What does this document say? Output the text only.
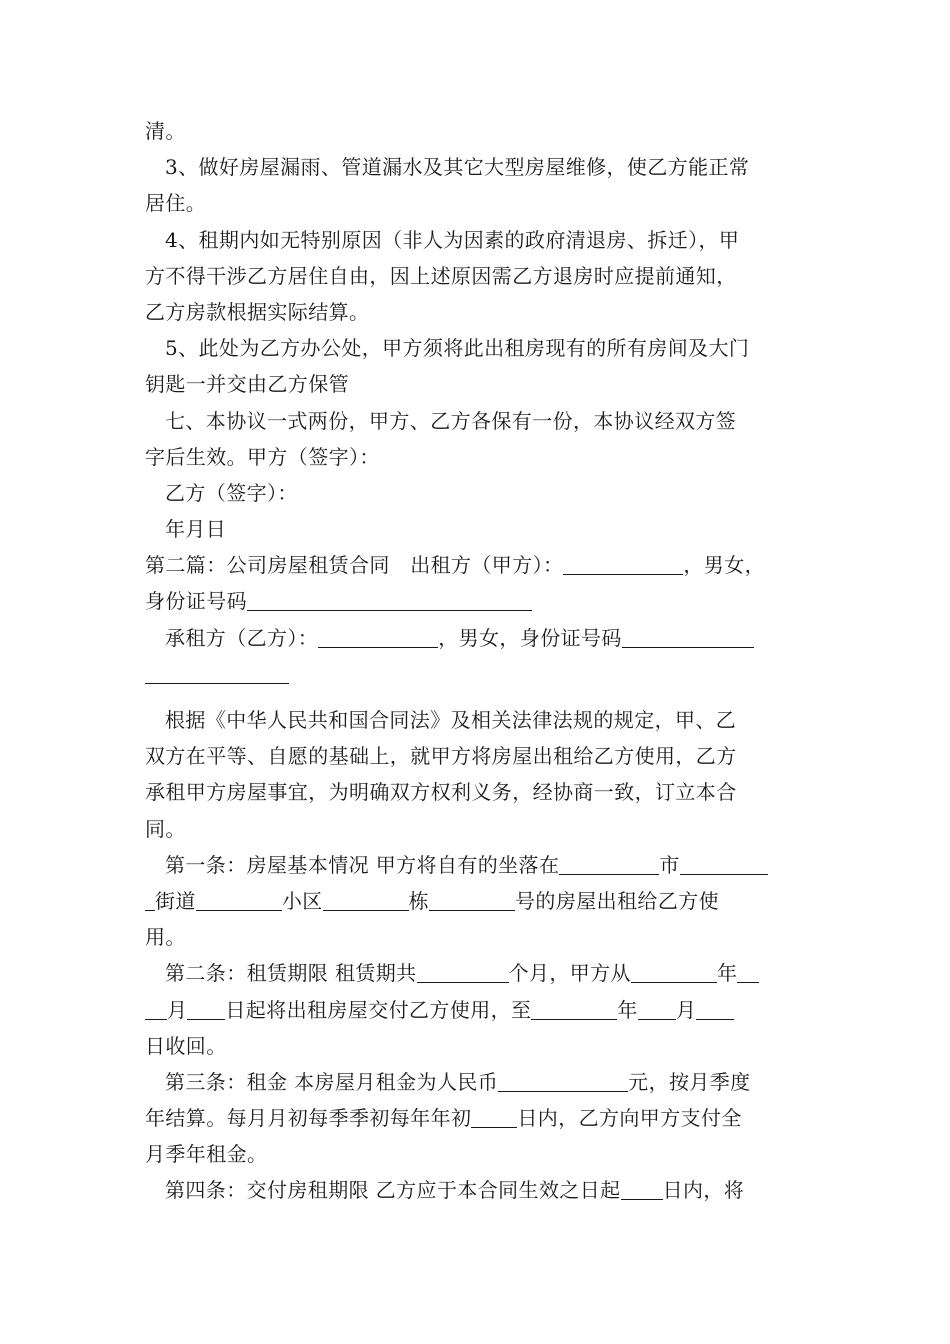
清。
3、做好房屋漏雨、管道漏水及其它大型房屋维修，使乙方能正常
居住。
4、租期内如无特别原因（非人为因素的政府清退房、拆迁），甲
方不得干涉乙方居住自由，因上述原因需乙方退房时应提前通知，
乙方房款根据实际结算。
5、此处为乙方办公处，甲方须将此出租房现有的所有房间及大门
钥匙一并交由乙方保管
七、本协议一式两份，甲方、乙方各保有一份，本协议经双方签
字后生效。甲方（签字）：
乙方（签字）：
年月日
第二篇：公司房屋租赁合同　出租方（甲方）：	，男女，
身份证号码
承租方（乙方）：	，男女，身份证号码
根据《中华人民共和国合同法》及相关法律法规的规定，甲、乙
双方在平等、自愿的基础上，就甲方将房屋出租给乙方使用，乙方
承租甲方房屋事宜，为明确双方权利义务，经协商一致，订立本合
同。
第一条：房屋基本情况 甲方将自有的坐落在	市
街道	小区	栋	号的房屋出租给乙方使
用。
第二条：租赁期限 租赁期共	个月，甲方从	年
月 日起将出租房屋交付乙方使用，至	年 月
日收回。
第三条：租金 本房屋月租金为人民币	元，按月季度
年结算。每月月初每季季初每年年初 日内，乙方向甲方支付全
月季年租金。
第四条：交付房租期限 乙方应于本合同生效之日起 日内，将
